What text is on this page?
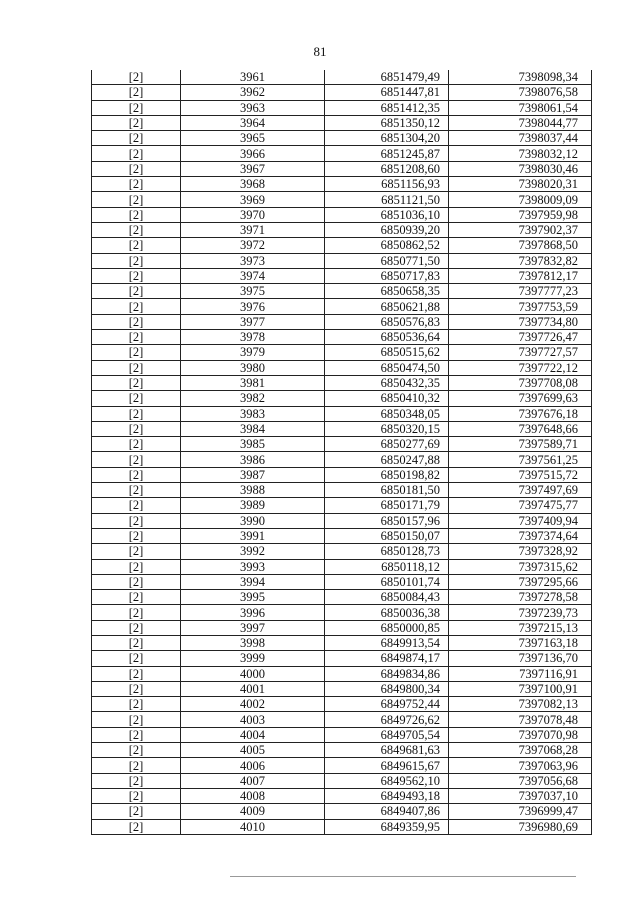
81
[2]	3961	6851479,49	7398098,34
[2]	3962	6851447,81	7398076,58
[2]	3963	6851412,35	7398061,54
[2]	3964	6851350,12	7398044,77
[2]	3965	6851304,20	7398037,44
[2]	3966	6851245,87	7398032,12
[2]	3967	6851208,60	7398030,46
[2]	3968	6851156,93	7398020,31
[2]	3969	6851121,50	7398009,09
[2]	3970	6851036,10	7397959,98
[2]	3971	6850939,20	7397902,37
[2]	3972	6850862,52	7397868,50
[2]	3973	6850771,50	7397832,82
[2]	3974	6850717,83	7397812,17
[2]	3975	6850658,35	7397777,23
[2]	3976	6850621,88	7397753,59
[2]	3977	6850576,83	7397734,80
[2]	3978	6850536,64	7397726,47
[2]	3979	6850515,62	7397727,57
[2]	3980	6850474,50	7397722,12
[2]	3981	6850432,35	7397708,08
[2]	3982	6850410,32	7397699,63
[2]	3983	6850348,05	7397676,18
[2]	3984	6850320,15	7397648,66
[2]	3985	6850277,69	7397589,71
[2]	3986	6850247,88	7397561,25
[2]	3987	6850198,82	7397515,72
[2]	3988	6850181,50	7397497,69
[2]	3989	6850171,79	7397475,77
[2]	3990	6850157,96	7397409,94
[2]	3991	6850150,07	7397374,64
[2]	3992	6850128,73	7397328,92
[2]	3993	6850118,12	7397315,62
[2]	3994	6850101,74	7397295,66
[2]	3995	6850084,43	7397278,58
[2]	3996	6850036,38	7397239,73
[2]	3997	6850000,85	7397215,13
[2]	3998	6849913,54	7397163,18
[2]	3999	6849874,17	7397136,70
[2]	4000	6849834,86	7397116,91
[2]	4001	6849800,34	7397100,91
[2]	4002	6849752,44	7397082,13
[2]	4003	6849726,62	7397078,48
[2]	4004	6849705,54	7397070,98
[2]	4005	6849681,63	7397068,28
[2]	4006	6849615,67	7397063,96
[2]	4007	6849562,10	7397056,68
[2]	4008	6849493,18	7397037,10
[2]	4009	6849407,86	7396999,47
[2]	4010	6849359,95	7396980,69
